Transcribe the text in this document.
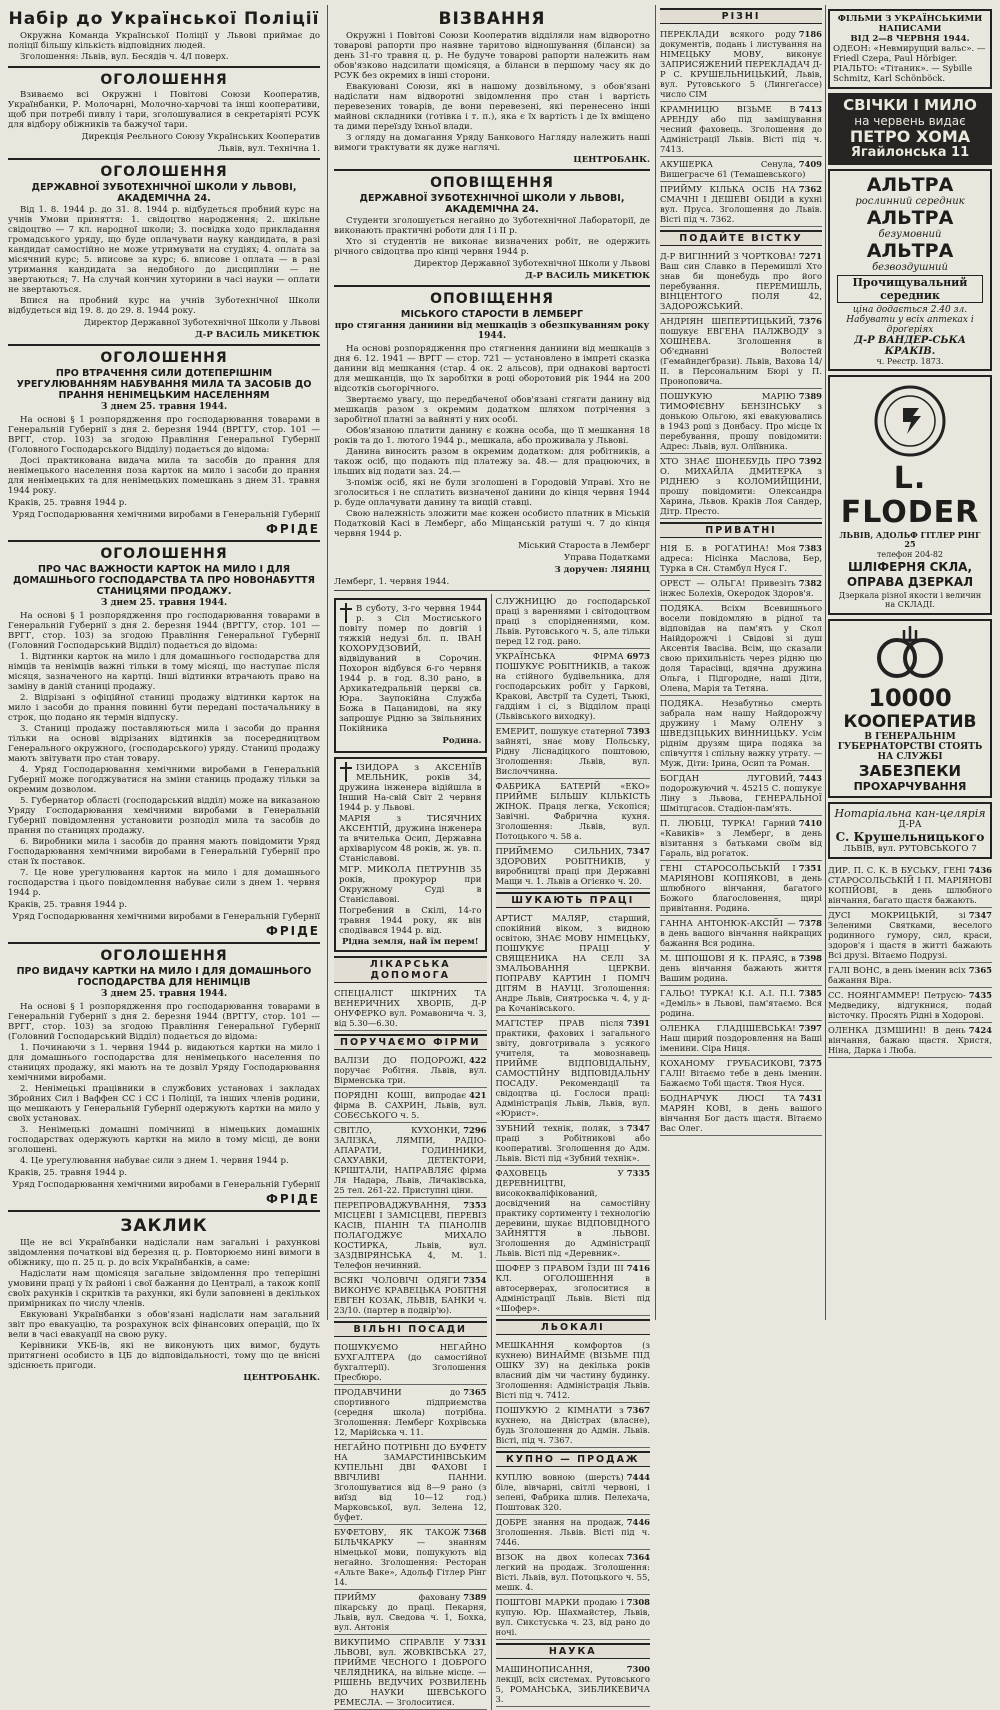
Набір до Української Поліції

Окружна Команда Української Поліції у Львові приймає до поліції більшу кількість відповідних людей.

Зголошення: Львів, вул. Бесядів ч. 4/І поверх.

ОГОЛОШЕННЯ

Взиваємо всі Окружні і Повітові Союзи Кооператив, Українбанки, Р. Молочарні, Молочно-харчові та інші кооперативи, щоб при потребі пивлу і тари, зголошувалися в секретаріяті РСУК для відбору обіжників та бажучої тари.

Дирекція Реєльного Союзу Українських Кооператив
Львів, вул. Технічна 1.
ОГОЛОШЕННЯ
ДЕРЖАВНОЇ ЗУБОТЕХНІЧНОЇ ШКОЛИ У ЛЬВОВІ, АКАДЕМІЧНА 24.

Від 1. 8. 1944 р. до 31. 8. 1944 р. відбудеться пробний курс на учнів Умови приняття: 1. свідоцтво народження; 2. шкільне свідоцтво — 7 кл. народної школи; 3. посвідка ходо прикладання громадського уряду, що буде оплачувати науку кандидата, в разі кандидат самостійно не може утримувати на студіях; 4. оплата за місячний курс; 5. вписове за курс; 6. вписове і оплата — в разі утримання кандидата за недобного до дисципліни — не звертаються; 7. На случай кончин хуторини в часі науки — оплати не звертаються.

Впися на пробний курс на учнів Зуботехнічної Школи відбудеться від 19. 8. до 29. 8. 1944 року.

Директор Державної Зуботехнічної Школи у Львові
Д-Р ВАСИЛЬ МИКЕТЮК
ОГОЛОШЕННЯ
ПРО ВТРАЧЕННЯ СИЛИ ДОТЕПЕРІШНІМ УРЕГУЛЮВАННЯМ НАБУВАННЯ МИЛА ТА ЗАСОБІВ ДО ПРАННЯ НЕНІМЕЦЬКИМ НАСЕЛЕННЯМ
З днем 25. травня 1944.

На основі § 1 розпорядження про господарювання товарами в Генеральній Губернії з дня 2. березня 1944 (ВРГГУ, стор. 101 — ВРГГ, стор. 103) за згодою Правління Генеральної Губернії (Головного Господарського Відділу) подається до відома:

Досі практикована видача мила та засобів до прання для ненімецького населення поза карток на мило і засоби до прання для ненімецьких та для ненімецьких помешкань з днем 31. травня 1944 року.

Краків, 25. травня 1944 р.
Уряд Господарювання хемічними виробами в Генеральній Губернії
ФРІДЕ
ОГОЛОШЕННЯ
ПРО ЧАС ВАЖНОСТИ КАРТОК НА МИЛО І ДЛЯ ДОМАШНЬОГО ГОСПОДАРСТВА ТА ПРО НОВОНАБУТТЯ СТАНИЦЯМИ ПРОДАЖУ.
З днем 25. травня 1944.

На основі § 1 розпорядження про господарювання товарами в Генеральній Губернії з дня 2. березня 1944 (ВРГГУ, стор. 101 — ВРГГ, стор. 103) за згодою Правління Генеральної Губернії (Головний Господарський Відділ) подається до відома:

1. Відтинки карток на мило і для домашнього господарства для німців та ненімців важні тільки в тому місяці, що наступає після місяця, зазначеного на картці. Інші відтинки втрачають право на заміну в даній станиці продажу.

2. Відрізані з офіційної станиці продажу відтинки карток на мило і засоби до прання повинні бути передані постачальнику в строк, що подано як термін відпуску.

3. Станиці продажу поставляються мила і засоби до прання тільки на основі відрізаних відтинків за посередництвом Генерального окружного, (господарського) уряду. Станиці продажу мають звітувати про стан товару.

4. Уряд Господарювання хемічними виробами в Генеральній Губернії може погоджуватися на зміни станиць продажу тільки за окремим дозволом.

5. Губернатор області (господарський відділ) може на виказаною Уряду Господарювання хемічними виробами в Генеральній Губернії повідомлення установити розподіл мила та засобів до прання по станицях продажу.

6. Виробники мила і засобів до прання мають повідомити Уряд Господарювання хемічними виробами в Генеральній Губернії про стан їх поставок.

7. Це нове урегулювання карток на мило і для домашнього господарства і цього повідомлення набуває сили з днем 1. червня 1944 р.

Краків, 25. травня 1944 р.
Уряд Господарювання хемічними виробами в Генеральній Губернії
ФРІДЕ
ОГОЛОШЕННЯ
ПРО ВИДАЧУ КАРТКИ НА МИЛО І ДЛЯ ДОМАШНЬОГО ГОСПОДАРСТВА ДЛЯ НЕНІМЦІВ
З днем 25. травня 1944.

На основі § 1 розпорядження про господарювання товарами в Генеральній Губернії з дня 2. березня 1944 (ВРГГУ, стор. 101 — ВРГГ, стор. 103) за згодою Правління Генеральної Губернії (Головний Господарський Відділ) подається до відома:

1. Починаючи з 1. червня 1944 р. видаються картки на мило і для домашнього господарства для ненімецького населення по станицях продажу, які мають на те дозвіл Уряду Господарювання хемічними виробами.

2. Ненімецькі працівники в службових установах і закладах Збройних Сил і Ваффен СС і СС і Поліції, та інших членів родини, що мешкають у Генеральній Губернії одержують картки на мило у своїх установах.

3. Ненімецькі домашні помічниці в німецьких домашніх господарствах одержують картки на мило в тому місці, де вони зголошені.

4. Це урегулювання набуває сили з днем 1. червня 1944 р.

Краків, 25. травня 1944 р.
Уряд Господарювання хемічними виробами в Генеральній Губернії
ФРІДЕ
ЗАКЛИК

Ще не всі Українбанки надіслали нам загальні і рахункові звідомлення початкові від березня ц. р. Повторюємо нині вимоги в обіжнику, що п. 25 ц. р. до всіх Українбанків, а саме:

Надіслати нам щомісяця загальне звідомлення про теперішні умовини праці у їх районі і свої бажання до Централі, а також копії своїх рахунків і скритків та рахунки, які були заповнені в декількох примірниках по числу членів.

Евкуювані Українбанки з обов'язані надіслати нам загальний звіт про евакуацію, та розрахунок всіх фінансових операцій, що їх вели в часі евакуації на свою руку.

Керівники УКБ-ів, які не виконують цих вимог, будуть притягнені особисто в ЦБ до відповідальності, тому що це внісні здіснюєть пригоди.

ЦЕНТРОБАНК.
ВІЗВАННЯ

Окружні і Повітові Союзи Кооператив відділяли нам відворотно товарові рапорти про наявне таритово відношування (біланси) за день 31-го травня ц. р. Не будуче товарові рапорти належить нам обов'язково надсилати щомісяця, а біланси в першому часу як до РСУК без окремих в інші сторони.

Евакуювані Союзи, які в нашому дозвільному, з обов'язані надіслати нам відворотні звідомлення про стан і вартість перевезених товарів, де вони перевезені, які перенесено інші майнові складники (готівка і т. п.), яка є їх вартість і де їх вміщено та дими переїзду їхньої влади.

З огляду на домагання Уряду Банкового Нагляду належить наші вимоги трактувати як дуже наглячі.

ЦЕНТРОБАНК.
ОПОВІЩЕННЯ
ДЕРЖАВНОЇ ЗУБОТЕХНІЧНОЇ ШКОЛИ У ЛЬВОВІ, АКАДЕМІЧНА 24.

Студенти зголошується негайно до Зуботехнічної Лабораторії, де виконають практичні роботи для I і II р.

Хто зі студентів не виконає визначених робіт, не одержить річного свідоцтва про кінці червня 1944 р.

Директор Державної Зуботехнічної Школи у Львові
Д-Р ВАСИЛЬ МИКЕТЮК
ОПОВІЩЕННЯ
МІСЬКОГО СТАРОСТИ В ЛЕМБЕРГ
про стягання даниини від мешкаців з обезпкуванням року 1944.

На основі розпорядження про стягнення даниини від мешкаців з дня 6. 12. 1941 — ВРГГ — стор. 721 — установлено в імпреті сказка данини від мешкання (стар. 4 ок. 2 альсов), при однакові вартості для мешканців, що їх заробітки в році оборотовий рік 1944 на 200 відсотків сьогорічного.

Звертаємо увагу, що передбаченої обов'язані стягати данину від мешкаців разом з окремим додатком шляхом потрічення з заробітної платні за вайняті у них особі.

Обов'язаною платити данину є кожна особа, що її мешкання 18 років та до 1. лютого 1944 р., мешкала, або проживала у Львові.

Данина виносить разом в окремим додатком: для робітників, а також осіб, що подають під платежу за. 48.— для працюючих, в ільших від подати заз. 24.—

З-поміж осіб, які не були зголошені в Городовій Управі. Хто не зголоситься і не сплатить визначеної данини до кінця червня 1944 р. буде оплачувати данину та вищій ставці.

Свою належність зложити має кожен особисто платник в Міській Податковій Касі в Лемберг, або Міщанській ратуші ч. 7 до кінця червня 1944 р.

Міський Староста в Лемберг
Управа Податками
З доручен: ЛЯЯНЦ
Лемберг, 1. червня 1944.

В суботу, 3-го червня 1944 р. з Сіл Мостиського повіту помер по довгій і тяжкій недузі бл. п. ІВАН КОХОРУДЗОВИЙ, відвідуваний в Сорочин. Похорон відбувся 6-го червня 1944 р. в год. 8.30 рано, в Архикатедральній церкві св. Юра. Заупокійна Служба Божа в Пацанидові, на яку запрошує Рідню за Звільняних Покійника

Родина.

ІЗИДОРА з АКСЕНІЇВ МЕЛЬНИК, років 34, дружина інженера відійшла в Інший На-свій Світ 2 червня 1944 р. у Львові.

МАРІЯ з ТИСЯЧНИХ АКСЕНТІЙ, дружина інженера та вчителька Осип, Державна архіваріусом 48 років, ж. ув. п. Станіславові.

МГР. МИКОЛА ПЕТРУНІВ 35 років, прокурор при Окружному Суді в Станіславові.

Погребений в Скілі, 14-го травня 1944 року, як він сподівався 1944 р. від.

Рідна земля, най їм перем!
ЛІКАРСЬКА ДОПОМОГА
СПЕЦІАЛІСТ ШКІРНИХ ТА ВЕНЕРИЧНИХ ХВОРІБ, Д-Р ОНУФЕРКО вул. Ромавонича ч. 3, від 5.30—6.30.
ПОРУЧАЄМО ФІРМИ
422
ВАЛІЗИ ДО ПОДОРОЖІ, поручає Робітня. Львів, вул. Вірменська три.
421
ПОРЯДНІ КОШІ, випродає фірма В. САХРИН, Львів, вул. СОБЄСЬКОГО ч. 5.
7296
СВІТЛО, КУХОНКИ, ЗАЛІЗКА, ЛЯМПИ, РАДІО-АПАРАТИ, ГОДИННИКИ, САХУАВКИ, ДЕТЕКТОРИ, КРІШТАЛИ, НАПРАВЛЯЄ фірма Ля Надара, Львів, Личаківська, 25 тел. 261-22. Приступні ціни.
7353
ПЕРЕПРОВАДЖУВАННЯ, МІСЦЕВІ І ЗАМІСЦЕВІ, ПЕРЕВІЗ КАСІВ, ПІАНІН ТА ПІАНОЛІВ ПОЛАГОДЖУЄ МИХАЛО КОСТИРКА, Львів, вул. ЗАЗДВІРЯНСЬКА 4, М. 1. Телефон нечинний.
7354
ВСЯКІ ЧОЛОВІЧІ ОДЯГИ ВИКОНУЄ КРАВЕЦЬКА РОБІТНЯ ЕВГЕН КОЗАК, ЛЬВІВ, БАНКИ ч. 23/10. (партер в подвір'ю).
ВІЛЬНІ ПОСАДИ
ПОШУКУЄМО НЕГАЙНО БУХГАЛТЕРА (до самостійної бухгалтерії). Зголошення Пресбюро.
7365
ПРОДАВЧИНИ до спортивного підприємства (середня школа) потрібна. Зголошення: Лемберг Кохрівська 12, Марійська ч. 11.
НЕГАЙНО ПОТРІБНІ ДО БУФЕТУ НА ЗАМАРСТИНІВСЬКИМ КУПЕЛЬНІ ДВІ ФАХОВІ І ВВІЧЛИВІ ПАННИ. Зголошуватися від 8—9 рано (з виїзд від 10—12 год.) Марковської, вул. Зелена 12, буфет.
7368
БУФЕТОВУ, ЯК ТАКОЖ БІЛЬЧКАРКУ — знанням німецької мови, пошукують від негайно. Зголошення: Ресторан «Альте Ваке», Адольф Гітлер Рінг 14.
7389
ПРИЙМУ фаховану пікарську до праці. Пекарня, Львів, вул. Сведова ч. 1, Бохка, вул. Антонія
7331
ВИКУПИМО СПРАВЛЕ У ЛЬВОВІ, вул. ЖОВКІВСЬКА 27, ПРИЙМЕ ЧЕСНОГО І ДОБРОГО ЧЕЛЯДНИКА, на вільне місце. — РІШЕНЬ ВЕДУЧИХ РОЗВИЛЕНЬ ДО НАУКИ ШЕВСЬКОГО РЕМЕСЛА. — Зголоситися.
СЛУЖНИЦЮ до господарської праці з вареннями і світодоцтвом праці з спорідненнями, ком. Львів. Рутовського ч. 5, але тільки перед 12 год. рано.
6973
УКРАЇНСЬКА ФІРМА ПОШУКУЄ РОБІТНИКІВ, а також на стійного будівельника, для господарських робіт у Гаркові, Кракові, Австрії та Судеті, Тьюкі, гаддіям і сі, з Відділом праці (Львівського виходку).
7393
ЕМЕРИТ, пошукує статерної зайняті, знає мову Польську, Рідну Ліснадіцкого поштовою, Зголошення: Львів, вул. Вислоччинна.
ФАБРИКА БАТЕРІЙ «ЕКО» ПРИЙМЕ БІЛЬШУ КІЛЬКІСТЬ ЖІНОК. Праця легка, Ускопіся; Завічні. Фабрична кухня. Зголошення: Львів, вул. Потоцького ч. 58 а.
7347
ПРИЙМЕМО СИЛЬНИХ, ЗДОРОВИХ РОБІТНИКІВ, у виробництві праці при Державні Мащи ч. 1. Львів а Огієнко ч. 20.
ШУКАЮТЬ ПРАЦІ
АРТИСТ МАЛЯР, старший, спокійний віком, з видною освітою, ЗНАЄ МОВУ НІМЕЦЬКУ, ПОШУКУЄ ПРАЦІ У СВЯЩЕНИКА НА СЕЛІ ЗА ЗМАЛЬОВАННЯ ЦЕРКВИ. ПОПРАВУ КАРТИН І ПОМІЧ ДІТЯМ В НАУЦІ. Зголошення: Андре Львів, Сиятроська ч. 4, у д-ра Кочанівського.
7391
МАГІСТЕР ПРАВ після практики, фахових і загального звіту, довготривала з усякого учителя, та мовознавець ПРИЙМЕ ВІДПОВІДАЛЬНУ, САМОСТІЙНУ ВІДПОВІДАЛЬНУ ПОСАДУ. Рекомендації та свідоцтва ці. Гослоси праці: Адміністрація Львів, Львів, вул. «Юрист».
7347
ЗУБНИЙ технік, поляк, з праці з Робітникові або кооперативі. Зголошення до Адм. Львів. Вісті під «Зубний технік».
7335
ФАХОВЕЦЬ У ДЕРЕВНИЦТВІ, висококваліфікований, досвідчений на самостійну практику сортименту і технологію деревини, шукає ВІДПОВІДНОГО ЗАЙНЯТТЯ в ЛЬВОВІ. Зголошення до Адміністрації Львів. Вісті під «Деревник».
7416
ШОФЕР З ПРАВОМ ЇЗДИ ІІІ КЛ. ОГОЛОШЕННЯ в автосерверах, зголоситися в Адміністрації Львів. Вісті під «Шофер».
ЛЬОКАЛІ
МЕШКАННЯ комфортов (з кухнею) ВИНАЙМЕ (ВІЗЬМЕ ПІД ОШКУ ЗУ) на декілька років власний дім чи частину будинку. Зголошення: Адміністрація Львів. Вісті під ч. 7412.
7367
ПОШУКУЮ 2 КІМНАТИ з кухнею, на Дністрах (власне), будь Зголошення до Адмін. Львів. Вісті, під ч. 7367.
КУПНО — ПРОДАЖ
7444
КУПЛЮ вовною (шерсть) біле, вівчарні, світлі червоні, і зелені, Фабрика шлив. Пелехача, Поштовак 320.
7446
ДОБРЕ знання на продаж, Зголошення. Львів. Вісті під ч. 7446.
7364
ВІЗОК на двох колесах легкий на продаж. Зголошення: Вісті. Львів, вул. Потоцького ч. 55, мешк. 4.
7308
ПОШТОВІ МАРКИ продаю і купую. Юр. Шахмайстер, Львів, вул. Сикстуська ч. 23, від рано до ночі.
НАУКА
7300
МАШИНОПИСАННЯ, лекції, всіх системах. Рутовського 5, РОМАНСЬКА, ЗИБЛИКЕВИЧА 3.
РІЗНІ
7186
ПЕРЕКЛАДИ всякого роду документів, подань і листування на НІМЕЦЬКУ МОВУ, виконує ЗАПРИСЯЖЕНИЙ ПЕРЕКЛАДАЧ Д-Р С. КРУШЕЛЬНИЦЬКИЙ, Львів, вул. Рутовського 5 (Лингеґассе) число СІМ
7413
КРАМНИЦЮ ВІЗЬМЕ В АРЕНДУ або під заміщування чесний фаховець. Зголошення до Адміністрації Львів. Вісті під ч. 7413.
7409
АКУШЕРКА Сенула, Вишеграсче 61 (Темашевського)
7362
ПРИЙМУ КІЛЬКА ОСІБ НА СМАЧНІ І ДЕШЕВІ ОБІДИ в кухні вул. Пруса. Зголошення до Львів. Вісті під ч. 7362.
ПОДАЙТЕ ВІСТКУ
7271
Д-Р ВИГІННИЙ З ЧОРТКОВА! Ваш син Славко в Перемишлі Хто знав би щонебудь про його перебування. ПЕРЕМИШЛЬ, ВІНЦЕНТОГО ПОЛЯ 42, ЗАДОРОЖСЬКИЙ.
7376
АНДРІЯН ШЕПЕРТИЦЬКИЙ, пошукує ЕВГЕНА ПАЛЖВОДУ з ХОШНЕВА. Зголошення в Об'єднанні Волостей (Гемайндеґбрази). Львів, Вахова 14/ІІ. в Персональним Бюрі у П. Проноповича.
7389
ПОШУКУЮ МАРІЮ ТИМОФІЄВНУ БЕНЗІНСЬКУ з донькою Ольгою, які евакуювались в 1943 році з Донбасу. Про місце їх перебування, прошу повідомити: Адрес: Львів, вул. Оліївника.
7392
ХТО ЗНАЄ ШОНЕБУДЬ ПРО О. МИХАЙЛА ДМИТЕРКА з РІДНЕЮ з КОЛОМИЙЩИНИ, прошу повідомити: Олександра Харина, Львов. Краків Лоя Сандер, Дітр. Престо.
ПРИВАТНІ
7383
НІЯ Б. в РОГАТИНА! Моя адреса: Нісінка Маслова, Бер, Турка в Сн. Стамбул Нуся Г.
7382
ОРЕСТ — ОЛЬГА! Привезіть інжес Болехів, Океродок Здоров'я.
ПОДЯКА. Всіхм Всевишнього восели повідомляю в рідної та відповідав на пам'ять у Скол Наійдорожчі і Свідові зі душ Аксентія Івасіва. Всім, що сказали свою прихильність через рідню цю доля Тарасівці, вдячна дружина Ольга, і Підгородне, наші Діти, Олена, Марія та Тетяна.
ПОДЯКА. Незабутньо смерть забрала нам нашу Найдорожчу дружину і Маму ОЛЕНУ з ШВЕДЗІЦЬКИХ ВИННИЦЬКУ. Усім ріднім друзям щира подяка за співчуття і спільну важку утрату. — Муж, Діти: Ірина, Осип та Роман.
7443
БОГДАН ЛУГОВИЙ, подорожуючий ч. 45215 С. пошукує Ліну з Львова, ГЕНЕРАЛЬНОЇ Шмітцгасов. Стадіон-пам'ять.
7410
П. ЛЮБЦІ, ТУРКА! Гарний «Кавиків» з Лемберг, в день візитання з батьками своїм від Гараль, від рогаток.
7351
ГЕНІ СТАРОСОЛЬСЬКІЙ І МАРІЯНОВІ КОПІЯКОВІ, в день шлюбного вінчання, багатого Божого благословення, щирі привітання. Родина.
7378
ГАННА АНТОНЮК-АКСІЙІ — в день вашого вінчання найкращих бажання Вся родина.
7398
М. ШПОШОВІ Я К. ПРАЯС, в день вінчання бажають життя Вашим родина.
7385
ГАЛЬО! ТУРКА! К.І. А.І. П.І. «Деміль» в Львові, пам'ятаємо. Вся родина.
7397
ОЛЕНКА ГЛАДІШЕВСЬКА! Наш щирий поздоровлення на Ваші іменини. Сіра Ниця.
7375
КОХАНОМУ ГРУБАСИКОВІ, ГАЛІ! Вітаємо тебе в день іменин. Бажаємо Тобі щастя. Твоя Нуся.
7431
БОДНАРЧУК ЛЮСІ ТА МАРЯН КОВІ, в день вашого вінчання Бог дасть щастя. Вітаємо Вас Олег.
ФІЛЬМИ З УКРАЇНСЬКИМИ НАПИСАМИ
ВІД 2—8 ЧЕРВНЯ 1944.
ОДЕОН: «Невмирущий вальс». — Friedl Czepa, Paul Hörbiger.
РІАЛЬТО: «Тітаник». — Sybille Schmitz, Karl Schönböck.
СВІЧКИ І МИЛО
на червень видає
ПЕТРО ХОМА
Ягайлонська 11
АЛЬТРА
рослинний середник
АЛЬТРА
безумовний
АЛЬТРА
безвоздушний
Прочищувальний середник
ціна додається 2.40 зл.
Набувати у всіх аптеках і дроґеріях
Д-Р ВАНДЕР-СЬКА КРАКІВ.
ч. Реєстр. 1873.
L. FLODER
ЛЬВІВ, АДОЛЬФ ГІТЛЕР РІНГ 25
телефон 204-82
ШЛІФЕРНЯ СКЛА, ОПРАВА ДЗЕРКАЛ
Дзеркала різної якости і величин на СКЛАДІ.
10000
КООПЕРАТИВ
В ГЕНЕРАЛЬНІМ ГУБЕРНАТОРСТВІ СТОЯТЬ НА СЛУЖБІ
ЗАБЕЗПЕКИ
ПРОХАРЧУВАННЯ
Нотаріальна кан-целярія
Д-РА
С. Крушельницького
ЛЬВІВ, вул. РУТОВСЬКОГО 7
7436
ДИР. П. С. К. В БУСЬКУ, ГЕНІ СТАРОСОЛЬСЬКІЙ І П. МАРІЯНОВІ КОПІЙОВІ, в день шлюбного вінчання, багато щастя бажають.
7347
ДУСІ МОКРИЦЬКІЙ, зі Зеленими Святками, веселого родинного гумору, сил, краси, здоров'я і щастя в житті бажають Всі друзі. Вітаємо Подрузі.
7365
ГАЛІ ВОНС, в день іменин всіх бажання Віра.
7435
СС. НОЯНГАММЕР! Петрусю-Медведику, відгукнися, подай вісточку. Просять Рідні в Ходорові.
7424
ОЛЕНКА ДЗМШИНІ! В день вінчання, бажаю щастя. Христя, Ніна, Дарка і Люба.
